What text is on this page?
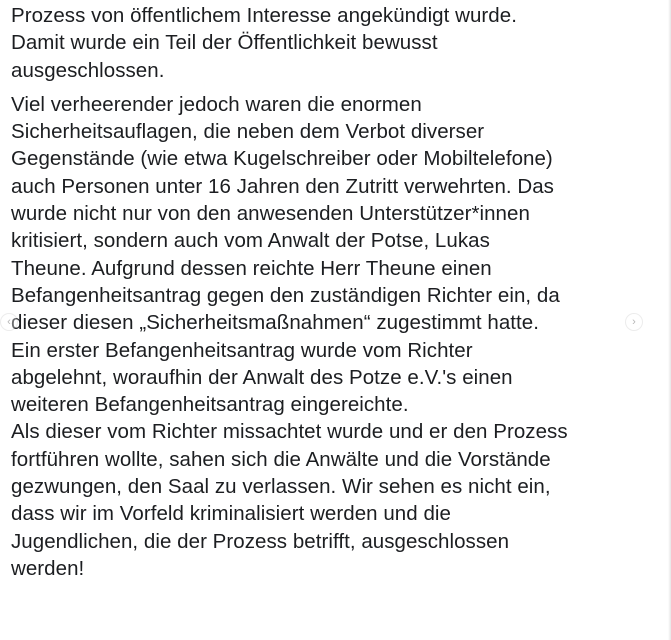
Prozess von öffentlichem Interesse angekündigt wurde.
Damit wurde ein Teil der Öffentlichkeit bewusst
ausgeschlossen.
Viel verheerender jedoch waren die enormen
Sicherheitsauflagen, die neben dem Verbot diverser
Gegenstände (wie etwa Kugelschreiber oder Mobiltelefone)
auch Personen unter 16 Jahren den Zutritt verwehrten. Das
wurde nicht nur von den anwesenden Unterstützer*innen
kritisiert, sondern auch vom Anwalt der Potse, Lukas
Theune. Aufgrund dessen reichte Herr Theune einen
Befangenheitsantrag gegen den zuständigen Richter ein, da
dieser diesen „Sicherheitsmaßnahmen“ zugestimmt hatte.
Ein erster Befangenheitsantrag wurde vom Richter
abgelehnt, woraufhin der Anwalt des Potze e.V.'s einen
weiteren Befangenheitsantrag eingereichte.
Als dieser vom Richter missachtet wurde und er den Prozess
fortführen wollte, sahen sich die Anwälte und die Vorstände
gezwungen, den Saal zu verlassen. Wir sehen es nicht ein,
dass wir im Vorfeld kriminalisiert werden und die
Jugendlichen, die der Prozess betrifft, ausgeschlossen
werden!
‹	›
